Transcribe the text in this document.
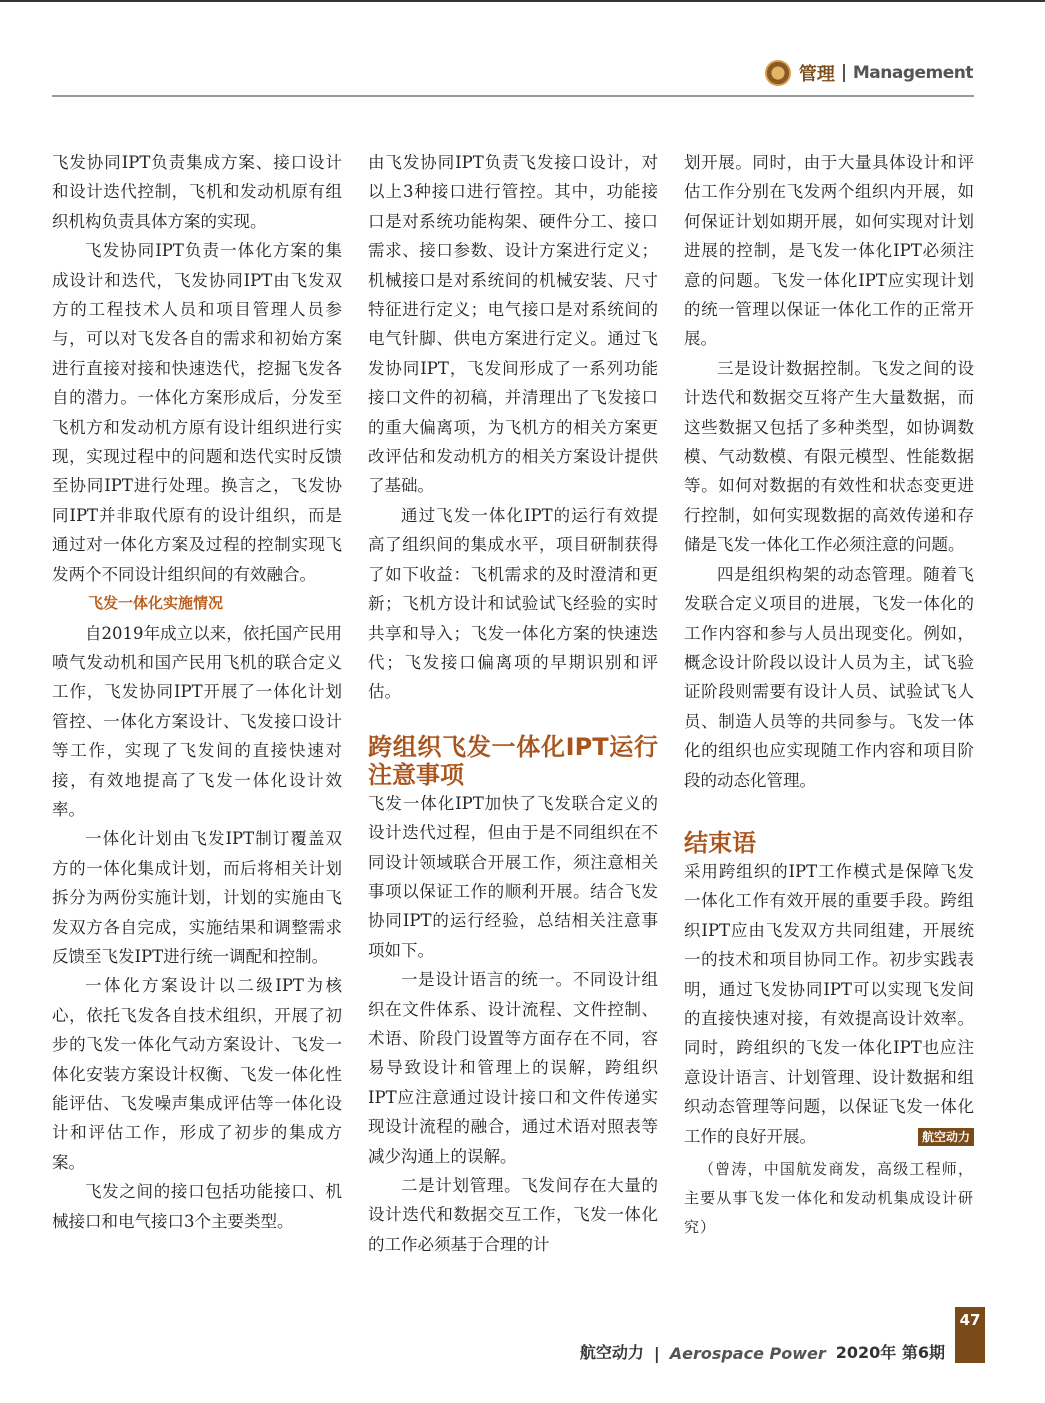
管理 Management

飞发协同IPT负责集成方案、接口设计和设计迭代控制，飞机和发动机原有组织机构负责具体方案的实现。

飞发协同IPT负责一体化方案的集成设计和迭代，飞发协同IPT由飞发双方的工程技术人员和项目管理人员参与，可以对飞发各自的需求和初始方案进行直接对接和快速迭代，挖掘飞发各自的潜力。一体化方案形成后，分发至飞机方和发动机方原有设计组织进行实现，实现过程中的问题和迭代实时反馈至协同IPT进行处理。换言之，飞发协同IPT并非取代原有的设计组织，而是通过对一体化方案及过程的控制实现飞发两个不同设计组织间的有效融合。

飞发一体化实施情况

自2019年成立以来，依托国产民用喷气发动机和国产民用飞机的联合定义工作，飞发协同IPT开展了一体化计划管控、一体化方案设计、飞发接口设计等工作，实现了飞发间的直接快速对接，有效地提高了飞发一体化设计效率。

一体化计划由飞发IPT制订覆盖双方的一体化集成计划，而后将相关计划拆分为两份实施计划，计划的实施由飞发双方各自完成，实施结果和调整需求反馈至飞发IPT进行统一调配和控制。

一体化方案设计以二级IPT为核心，依托飞发各自技术组织，开展了初步的飞发一体化气动方案设计、飞发一体化安装方案设计权衡、飞发一体化性能评估、飞发噪声集成评估等一体化设计和评估工作，形成了初步的集成方案。

飞发之间的接口包括功能接口、机械接口和电气接口3个主要类型。

由飞发协同IPT负责飞发接口设计，对以上3种接口进行管控。其中，功能接口是对系统功能构架、硬件分工、接口需求、接口参数、设计方案进行定义；机械接口是对系统间的机械安装、尺寸特征进行定义；电气接口是对系统间的电气针脚、供电方案进行定义。通过飞发协同IPT，飞发间形成了一系列功能接口文件的初稿，并清理出了飞发接口的重大偏离项，为飞机方的相关方案更改评估和发动机方的相关方案设计提供了基础。

通过飞发一体化IPT的运行有效提高了组织间的集成水平，项目研制获得了如下收益：飞机需求的及时澄清和更新；飞机方设计和试验试飞经验的实时共享和导入；飞发一体化方案的快速迭代；飞发接口偏离项的早期识别和评估。

跨组织飞发一体化IPT运行注意事项

飞发一体化IPT加快了飞发联合定义的设计迭代过程，但由于是不同组织在不同设计领域联合开展工作，须注意相关事项以保证工作的顺利开展。结合飞发协同IPT的运行经验，总结相关注意事项如下。

一是设计语言的统一。不同设计组织在文件体系、设计流程、文件控制、术语、阶段门设置等方面存在不同，容易导致设计和管理上的误解，跨组织IPT应注意通过设计接口和文件传递实现设计流程的融合，通过术语对照表等减少沟通上的误解。

二是计划管理。飞发间存在大量的设计迭代和数据交互工作，飞发一体化的工作必须基于合理的计

划开展。同时，由于大量具体设计和评估工作分别在飞发两个组织内开展，如何保证计划如期开展，如何实现对计划进展的控制，是飞发一体化IPT必须注意的问题。飞发一体化IPT应实现计划的统一管理以保证一体化工作的正常开展。

三是设计数据控制。飞发之间的设计迭代和数据交互将产生大量数据，而这些数据又包括了多种类型，如协调数模、气动数模、有限元模型、性能数据等。如何对数据的有效性和状态变更进行控制，如何实现数据的高效传递和存储是飞发一体化工作必须注意的问题。

四是组织构架的动态管理。随着飞发联合定义项目的进展，飞发一体化的工作内容和参与人员出现变化。例如，概念设计阶段以设计人员为主，试飞验证阶段则需要有设计人员、试验试飞人员、制造人员等的共同参与。飞发一体化的组织也应实现随工作内容和项目阶段的动态化管理。

结束语

采用跨组织的IPT工作模式是保障飞发一体化工作有效开展的重要手段。跨组织IPT应由飞发双方共同组建，开展统一的技术和项目协同工作。初步实践表明，通过飞发协同IPT可以实现飞发间的直接快速对接，有效提高设计效率。同时，跨组织的飞发一体化IPT也应注意设计语言、计划管理、设计数据和组织动态管理等问题，以保证飞发一体化工作的良好开展。	航空动力

（曾涛，中国航发商发，高级工程师，主要从事飞发一体化和发动机集成设计研究）
航空动力 | Aerospace Power 2020年 第6期
47
